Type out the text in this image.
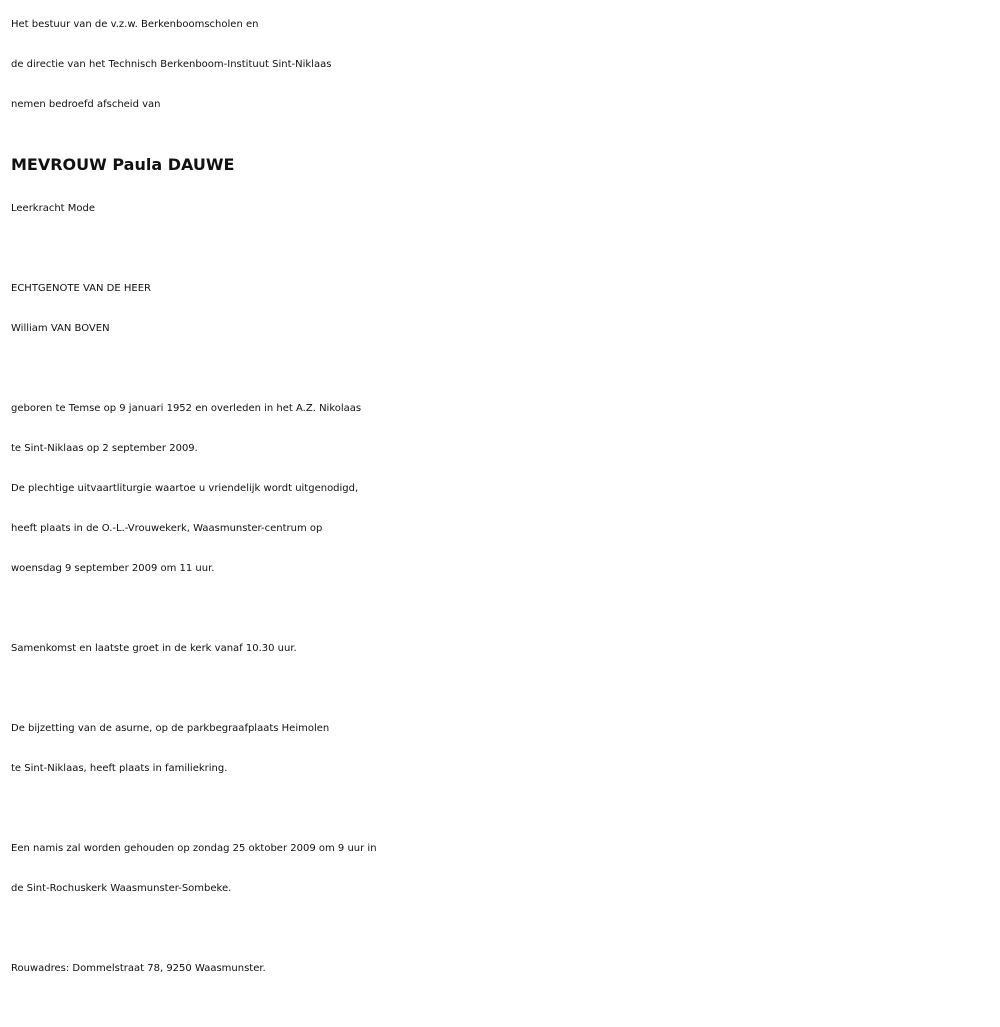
Het bestuur van de v.z.w. Berkenboomscholen en
de directie van het Technisch Berkenboom-Instituut Sint-Niklaas
nemen bedroefd afscheid van
MEVROUW Paula DAUWE
Leerkracht Mode
ECHTGENOTE VAN DE HEER
William VAN BOVEN
geboren te Temse op 9 januari 1952 en overleden in het A.Z. Nikolaas
te Sint-Niklaas op 2 september 2009.
De plechtige uitvaartliturgie waartoe u vriendelijk wordt uitgenodigd,
heeft plaats in de O.-L.-Vrouwekerk, Waasmunster-centrum op
woensdag 9 september 2009 om 11 uur.
Samenkomst en laatste groet in de kerk vanaf 10.30 uur.
De bijzetting van de asurne, op de parkbegraafplaats Heimolen
te Sint-Niklaas, heeft plaats in familiekring.
Een namis zal worden gehouden op zondag 25 oktober 2009 om 9 uur in
de Sint-Rochuskerk Waasmunster-Sombeke.
Rouwadres: Dommelstraat 78, 9250 Waasmunster.
